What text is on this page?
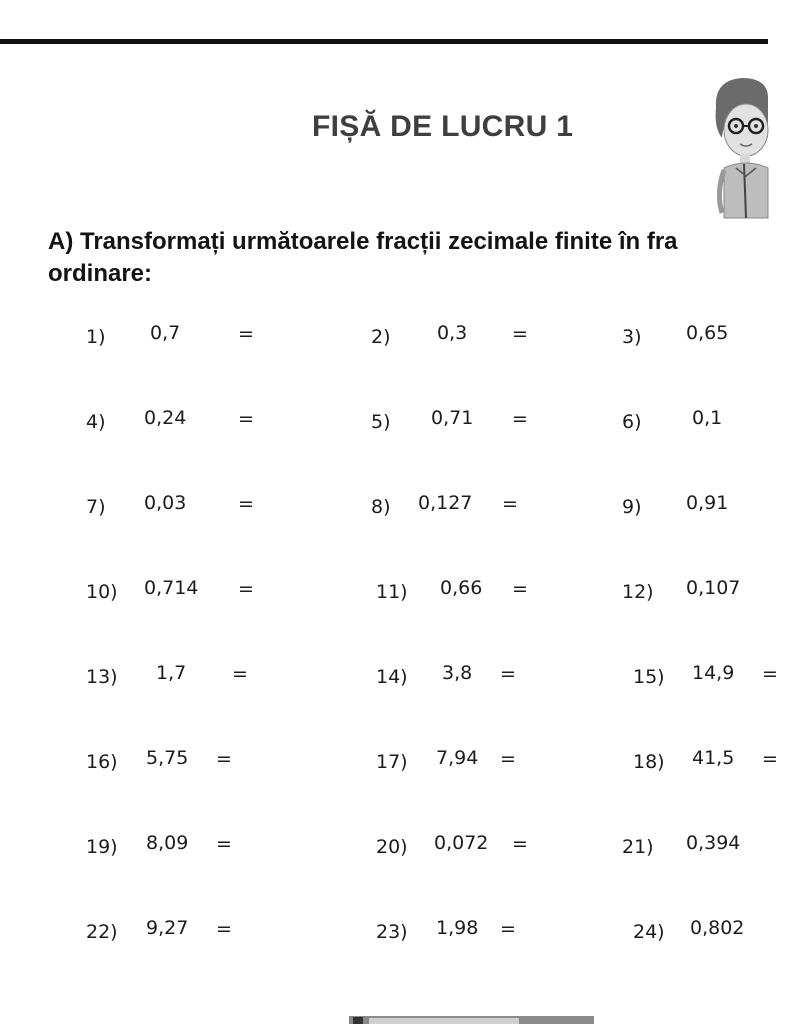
FIȘĂ DE LUCRU 1
A) Transformați următoarele fracții zecimale finite în fra
ordinare:
1) 0,7	=	2) 0,3 =	3) 0,65
4) 0,24	=	5) 0,71 =	6)	0,1
7) 0,03	=	8) 0,127 =	9) 0,91
10) 0,714 =	11) 0,66 =	12) 0,107
13) 1,7 =	14) 3,8 =	15) 14,9 =
16) 5,75 =	17) 7,94 =	18) 41,5 =
19) 8,09 =	20) 0,072 =	21) 0,394
22) 9,27 =	23) 1,98 =	24) 0,802
